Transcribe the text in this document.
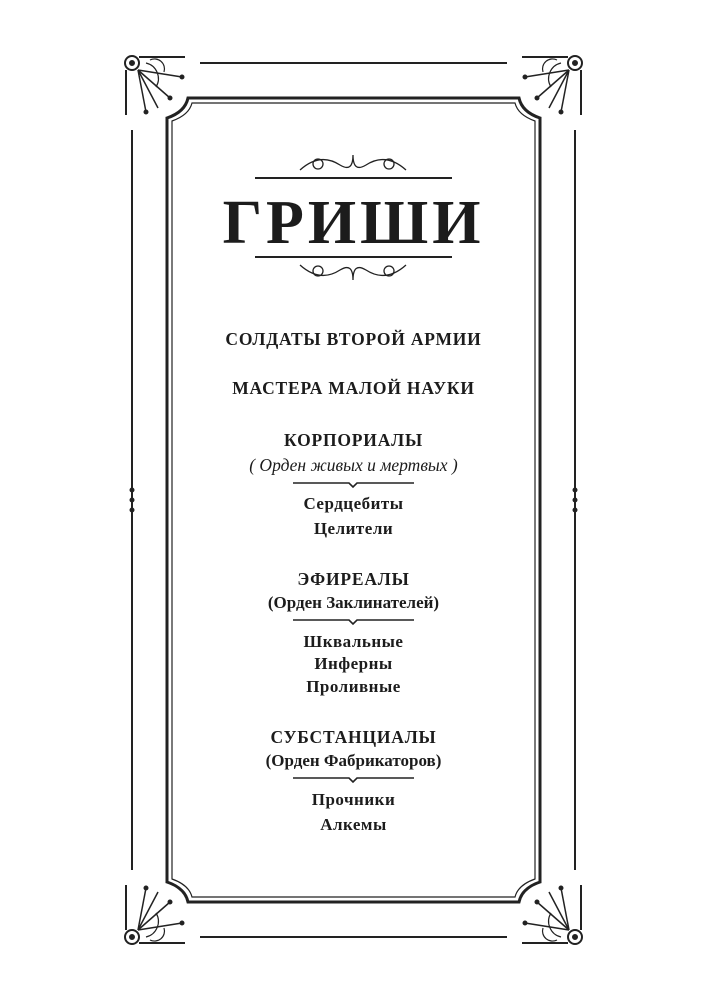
ГРИШИ
СОЛДАТЫ ВТОРОЙ АРМИИ
МАСТЕРА МАЛОЙ НАУКИ
КОРПОРИАЛЫ
( Орден живых и мертвых )
Сердцебиты
Целители
ЭФИРЕАЛЫ
(Орден Заклинателей)
Шквальные
Инферны
Проливные
СУБСТАНЦИАЛЫ
(Орден Фабрикаторов)
Прочники
Алкемы
